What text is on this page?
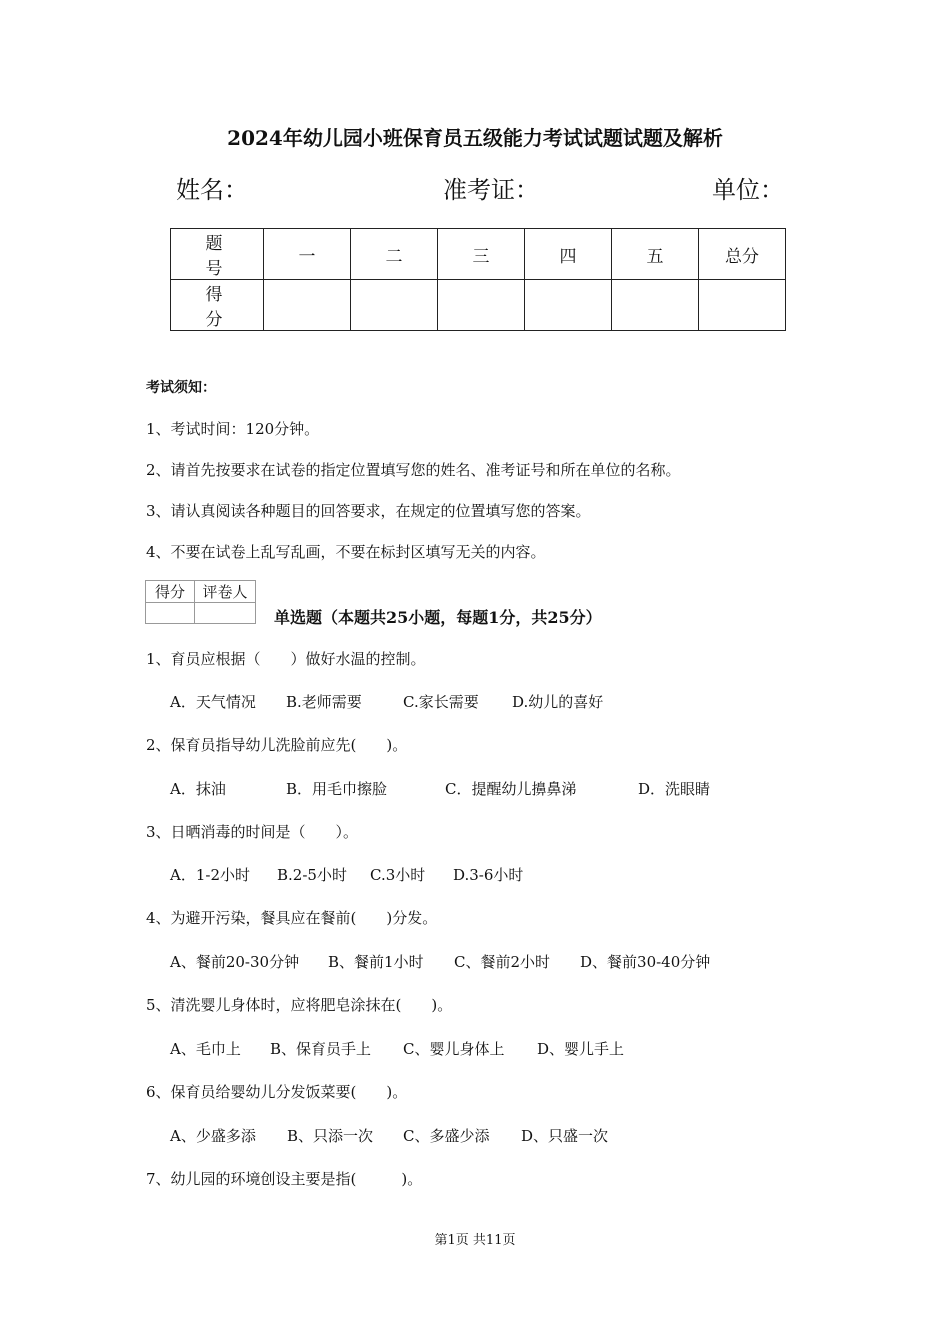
2024年幼儿园小班保育员五级能力考试试题试题及解析
姓名：	准考证：	单位：
题　号	一	二	三	四	五	总分
得　分						
考试须知：
1、考试时间：120分钟。
2、请首先按要求在试卷的指定位置填写您的姓名、准考证号和所在单位的名称。
3、请认真阅读各种题目的回答要求，在规定的位置填写您的答案。
4、不要在试卷上乱写乱画，不要在标封区填写无关的内容。
得分	评卷人

单选题（本题共25小题，每题1分，共25分）
1、育员应根据（　　）做好水温的控制。
A．天气情况 B.老师需要	C.家长需要 D.幼儿的喜好
2、保育员指导幼儿洗脸前应先(　　)。
A．抹油	B．用毛巾擦脸	C．提醒幼儿擤鼻涕	D．洗眼睛
3、日晒消毒的时间是（　　）。
A．1-2小时 B.2-5小时 C.3小时 D.3-6小时
4、为避开污染，餐具应在餐前(　　)分发。
A、餐前20-30分钟 B、餐前1小时 C、餐前2小时 D、餐前30-40分钟
5、清洗婴儿身体时，应将肥皂涂抹在(　　)。
A、毛巾上 B、保育员手上 C、婴儿身体上 D、婴儿手上
6、保育员给婴幼儿分发饭菜要(　　)。
A、少盛多添 B、只添一次 C、多盛少添 D、只盛一次
7、幼儿园的环境创设主要是指(　　　)。
第1页 共11页
